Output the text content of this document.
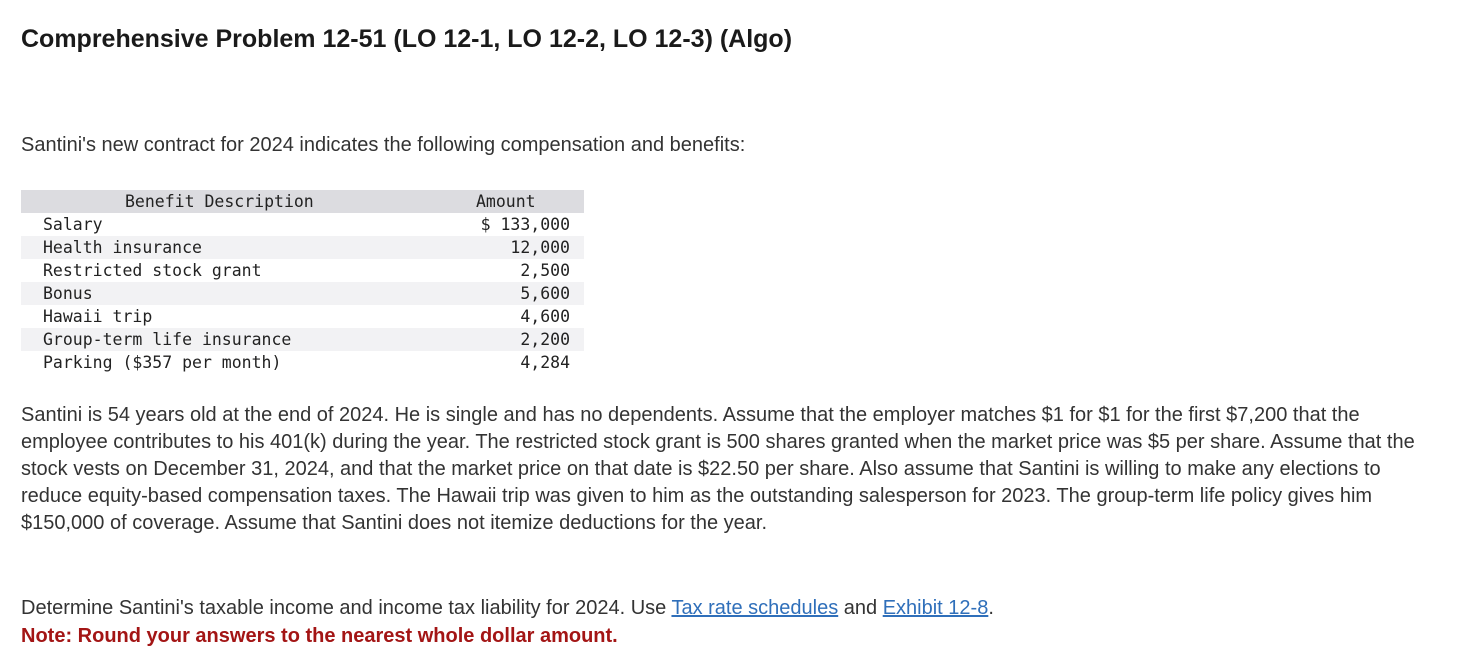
Comprehensive Problem 12-51 (LO 12-1, LO 12-2, LO 12-3) (Algo)

Santini's new contract for 2024 indicates the following compensation and benefits:

Benefit Description	Amount
Salary	$ 133,000
Health insurance	12,000
Restricted stock grant	2,500
Bonus	5,600
Hawaii trip	4,600
Group-term life insurance	2,200
Parking ($357 per month)	4,284

Santini is 54 years old at the end of 2024. He is single and has no dependents. Assume that the employer matches $1 for $1 for the first $7,200 that the employee contributes to his 401(k) during the year. The restricted stock grant is 500 shares granted when the market price was $5 per share. Assume that the stock vests on December 31, 2024, and that the market price on that date is $22.50 per share. Also assume that Santini is willing to make any elections to reduce equity-based compensation taxes. The Hawaii trip was given to him as the outstanding salesperson for 2023. The group-term life policy gives him $150,000 of coverage. Assume that Santini does not itemize deductions for the year.

Determine Santini's taxable income and income tax liability for 2024. Use Tax rate schedules and Exhibit 12-8.

Note: Round your answers to the nearest whole dollar amount.
